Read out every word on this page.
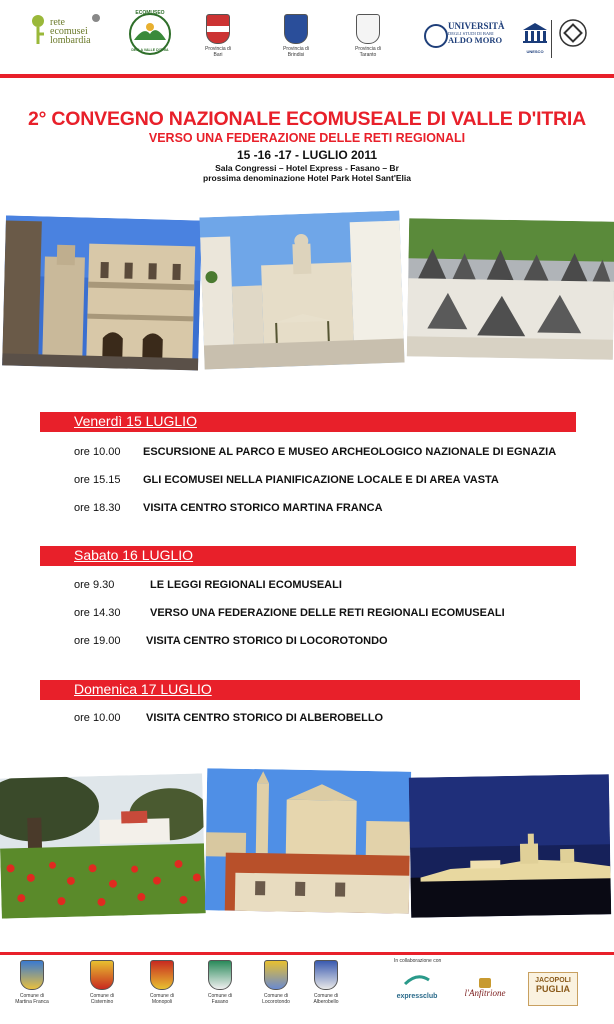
rete
ecomusei
lombardia
ECOMUSEO
DELLA VALLE D'ITRIA	Provincia di Bari
Provincia di Brindisi
Provincia di Taranto
UNIVERSITÀ
DEGLI STUDI DI BARI
ALDO MORO
UNESCO
2° CONVEGNO NAZIONALE ECOMUSEALE DI VALLE D'ITRIA
VERSO UNA FEDERAZIONE DELLE RETI REGIONALI
15 -16 -17 - LUGLIO 2011
Sala Congressi – Hotel Express - Fasano – Br
prossima denominazione Hotel Park Hotel Sant'Elia
Venerdì 15 LUGLIO
ore 10.00 ESCURSIONE AL PARCO E MUSEO ARCHEOLOGICO NAZIONALE DI EGNAZIA
ore 15.15 GLI ECOMUSEI NELLA PIANIFICAZIONE LOCALE E DI AREA VASTA
ore 18.30 VISITA CENTRO STORICO MARTINA FRANCA
Sabato 16 LUGLIO
ore 9.30	LE LEGGI REGIONALI ECOMUSEALI
ore 14.30	VERSO UNA FEDERAZIONE DELLE RETI REGIONALI ECOMUSEALI
ore 19.00 VISITA CENTRO STORICO DI LOCOROTONDO
Domenica 17 LUGLIO
ore 10.00 VISITA CENTRO STORICO DI ALBEROBELLO
Comune di
Martina Franca
Comune di
Cisternino
Comune di
Monopoli
Comune di
Fasano
Comune di
Locorotondo
Comune di
Alberobello
In collaborazione con
expressclub	l'Anfitrione
JACOPOLI
PUGLIA
